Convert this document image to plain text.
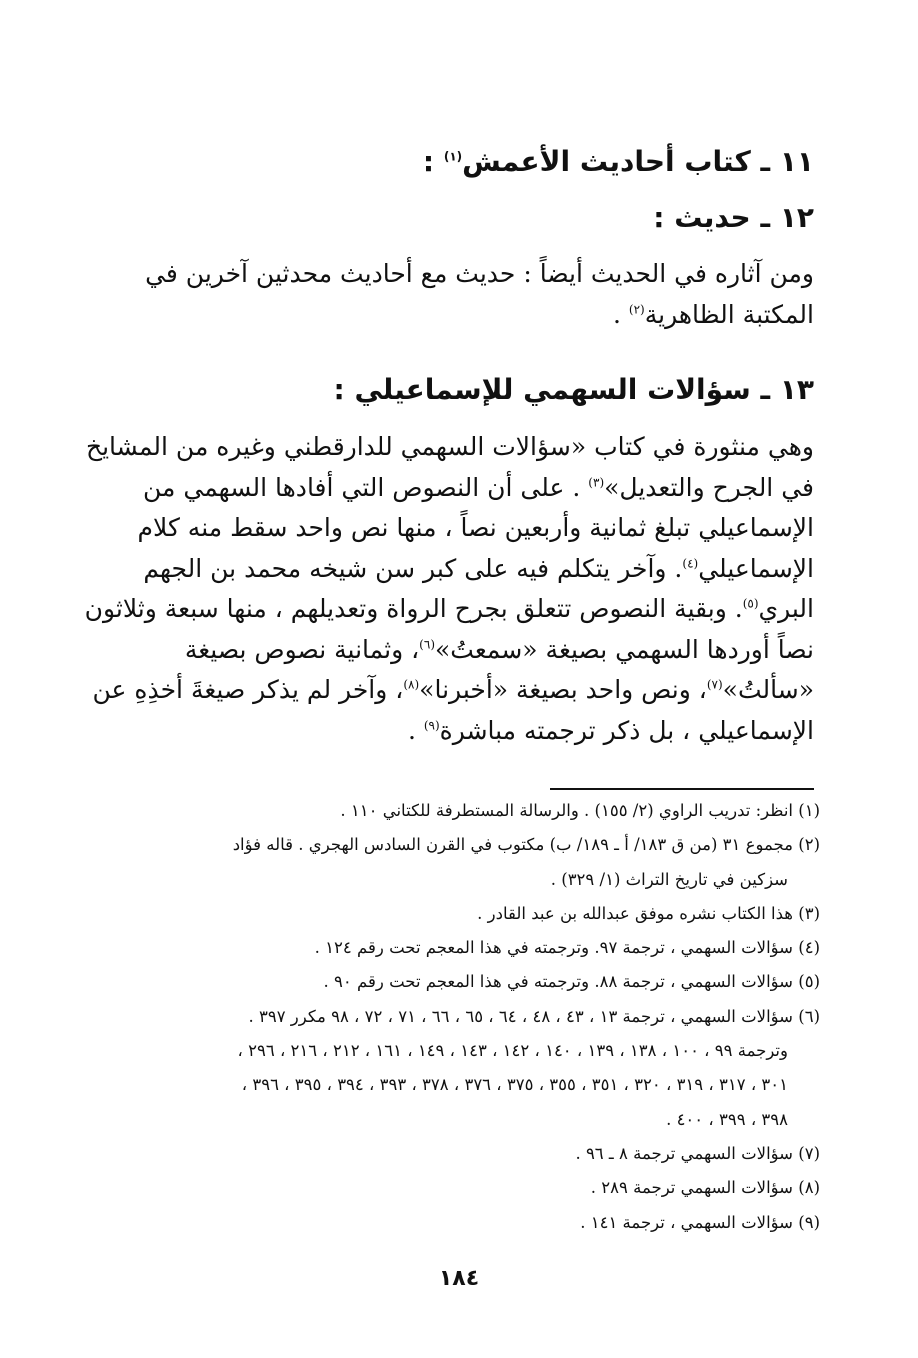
١١ ـ كتاب أحاديث الأعمش$^{(١)}$ :
١٢ ـ حديث :
ومن آثاره في الحديث أيضاً : حديث مع أحاديث محدثين آخرين في
المكتبة الظاهرية$^{(٢)}$ .
١٣ ـ سؤالات السهمي للإسماعيلي :
وهي منثورة في كتاب «سؤالات السهمي للدارقطني وغيره من المشايخ
في الجرح والتعديل»$^{(٣)}$ . على أن النصوص التي أفادها السهمي من
الإسماعيلي تبلغ ثمانية وأربعين نصاً ، منها نص واحد سقط منه كلام
الإسماعيلي$^{(٤)}$. وآخر يتكلم فيه على كبر سن شيخه محمد بن الجهم
البري$^{(٥)}$. وبقية النصوص تتعلق بجرح الرواة وتعديلهم ، منها سبعة وثلاثون
نصاً أوردها السهمي بصيغة «سمعتُ»$^{(٦)}$، وثمانية نصوص بصيغة
«سألتُ»$^{(٧)}$، ونص واحد بصيغة «أخبرنا»$^{(٨)}$، وآخر لم يذكر صيغةَ أخذِهِ عن
الإسماعيلي ، بل ذكر ترجمته مباشرة$^{(٩)}$ .
(١) انظر: تدريب الراوي (٢/ ١٥٥) . والرسالة المستطرفة للكتاني ١١٠ .
(٢) مجموع ٣١ (من ق ١٨٣/ أ ـ ١٨٩/ ب) مكتوب في القرن السادس الهجري . قاله فؤاد
سزكين في تاريخ التراث (١/ ٣٢٩) .
(٣) هذا الكتاب نشره موفق عبدالله بن عبد القادر .
(٤) سؤالات السهمي ، ترجمة ٩٧. وترجمته في هذا المعجم تحت رقم ١٢٤ .
(٥) سؤالات السهمي ، ترجمة ٨٨. وترجمته في هذا المعجم تحت رقم ٩٠ .
(٦) سؤالات السهمي ، ترجمة ١٣ ، ٤٣ ، ٤٨ ، ٦٤ ، ٦٥ ، ٦٦ ، ٧١ ، ٧٢ ، ٩٨ مكرر ٣٩٧ .
وترجمة ٩٩ ، ١٠٠ ، ١٣٨ ، ١٣٩ ، ١٤٠ ، ١٤٢ ، ١٤٣ ، ١٤٩ ، ١٦١ ، ٢١٢ ، ٢١٦ ، ٢٩٦ ،
٣٠١ ، ٣١٧ ، ٣١٩ ، ٣٢٠ ، ٣٥١ ، ٣٥٥ ، ٣٧٥ ، ٣٧٦ ، ٣٧٨ ، ٣٩٣ ، ٣٩٤ ، ٣٩٥ ، ٣٩٦ ،
٣٩٨ ، ٣٩٩ ، ٤٠٠ .
(٧) سؤالات السهمي ترجمة ٨ ـ ٩٦ .
(٨) سؤالات السهمي ترجمة ٢٨٩ .
(٩) سؤالات السهمي ، ترجمة ١٤١ .
١٨٤
